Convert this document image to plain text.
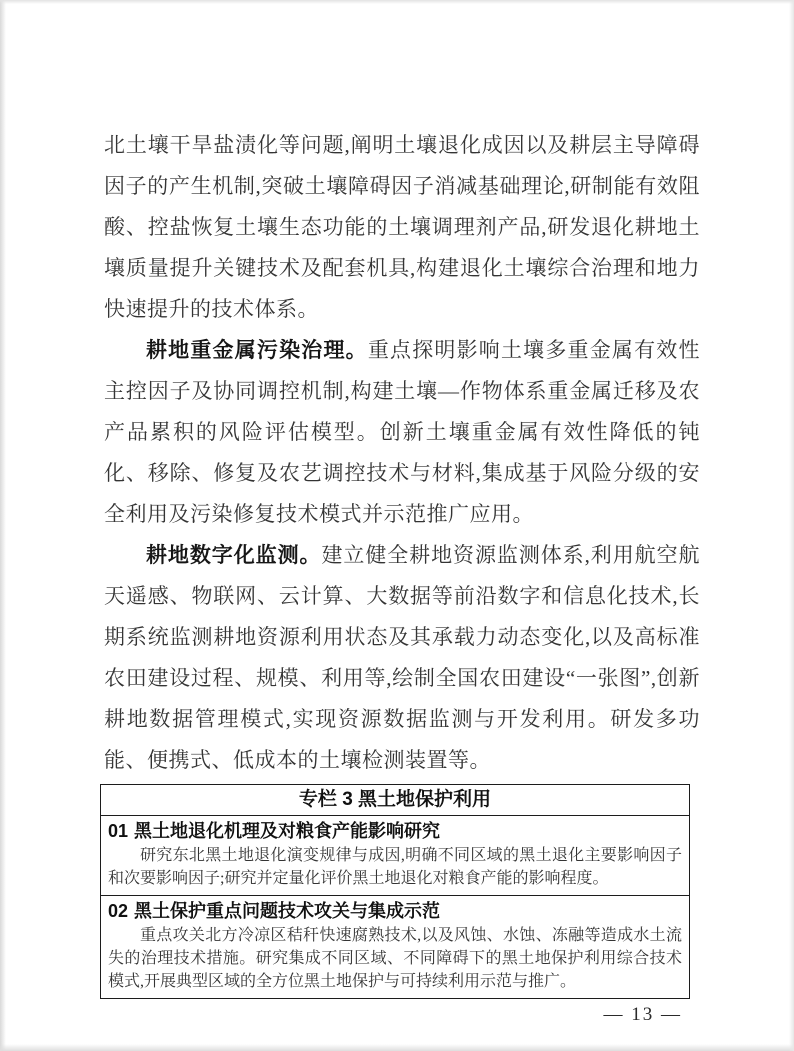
北土壤干旱盐渍化等问题,阐明土壤退化成因以及耕层主导障碍因子的产生机制,突破土壤障碍因子消减基础理论,研制能有效阻酸、控盐恢复土壤生态功能的土壤调理剂产品,研发退化耕地土壤质量提升关键技术及配套机具,构建退化土壤综合治理和地力快速提升的技术体系。

耕地重金属污染治理。重点探明影响土壤多重金属有效性主控因子及协同调控机制,构建土壤—作物体系重金属迁移及农产品累积的风险评估模型。创新土壤重金属有效性降低的钝化、移除、修复及农艺调控技术与材料,集成基于风险分级的安全利用及污染修复技术模式并示范推广应用。

耕地数字化监测。建立健全耕地资源监测体系,利用航空航天遥感、物联网、云计算、大数据等前沿数字和信息化技术,长期系统监测耕地资源利用状态及其承载力动态变化,以及高标准农田建设过程、规模、利用等,绘制全国农田建设“一张图”,创新耕地数据管理模式,实现资源数据监测与开发利用。研发多功能、便携式、低成本的土壤检测装置等。

专栏 3 黑土地保护利用
01 黑土地退化机理及对粮食产能影响研究

研究东北黑土地退化演变规律与成因,明确不同区域的黑土退化主要影响因子和次要影响因子;研究并定量化评价黑土地退化对粮食产能的影响程度。

02 黑土保护重点问题技术攻关与集成示范

重点攻关北方冷凉区秸秆快速腐熟技术,以及风蚀、水蚀、冻融等造成水土流失的治理技术措施。研究集成不同区域、不同障碍下的黑土地保护利用综合技术模式,开展典型区域的全方位黑土地保护与可持续利用示范与推广。

— 13 —
